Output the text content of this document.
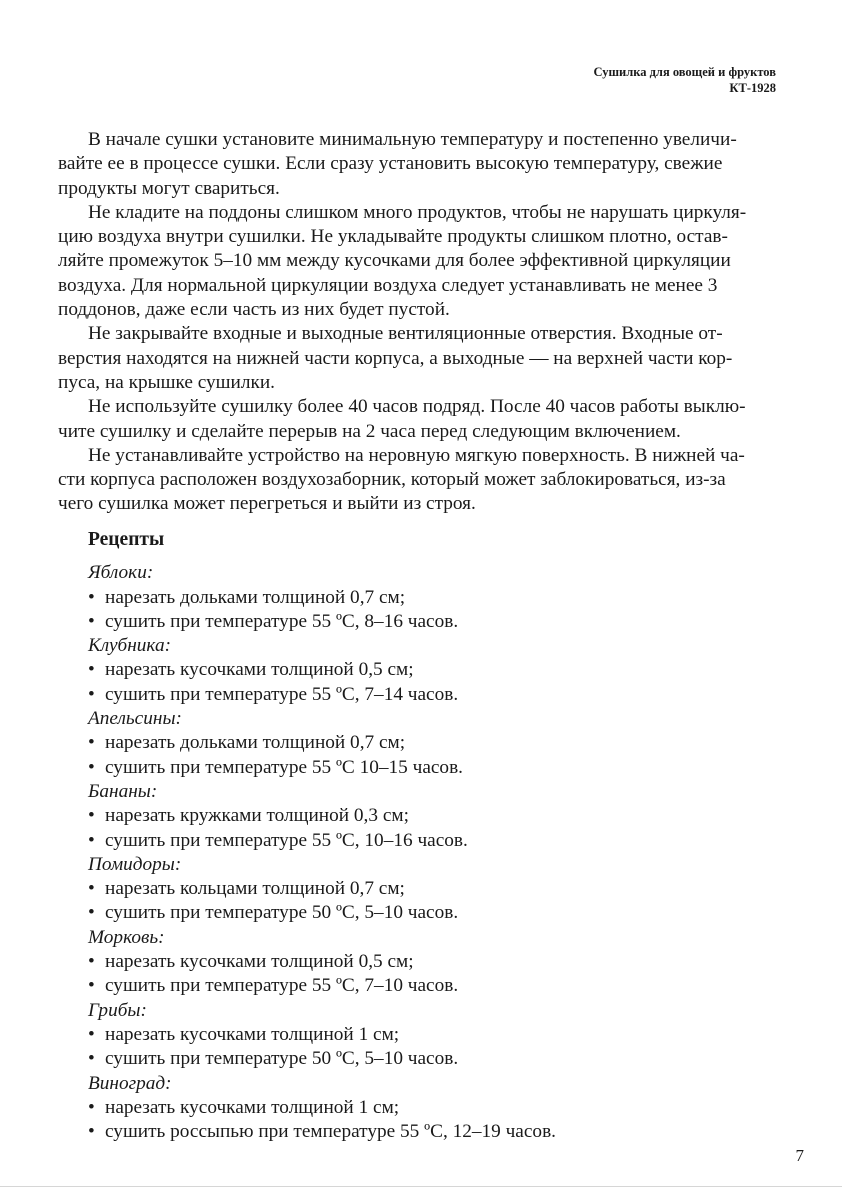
Сушилка для овощей и фруктов
КТ-1928

В начале сушки установите минимальную температуру и постепенно увеличи-
вайте ее в процессе сушки. Если сразу установить высокую температуру, свежие
продукты могут свариться.

Не кладите на поддоны слишком много продуктов, чтобы не нарушать циркуля-
цию воздуха внутри сушилки. Не укладывайте продукты слишком плотно, остав-
ляйте промежуток 5–10 мм между кусочками для более эффективной циркуляции
воздуха. Для нормальной циркуляции воздуха следует устанавливать не менее 3
поддонов, даже если часть из них будет пустой.

Не закрывайте входные и выходные вентиляционные отверстия. Входные от-
верстия находятся на нижней части корпуса, а выходные — на верхней части кор-
пуса, на крышке сушилки.

Не используйте сушилку более 40 часов подряд. После 40 часов работы выклю-
чите сушилку и сделайте перерыв на 2 часа перед следующим включением.

Не устанавливайте устройство на неровную мягкую поверхность. В нижней ча-
сти корпуса расположен воздухозаборник, который может заблокироваться, из-за
чего сушилка может перегреться и выйти из строя.

Рецепты
Яблоки:
• нарезать дольками толщиной 0,7 см;
• сушить при температуре 55 ºС, 8–16 часов.
Клубника:
• нарезать кусочками толщиной 0,5 см;
• сушить при температуре 55 ºС, 7–14 часов.
Апельсины:
• нарезать дольками толщиной 0,7 см;
• сушить при температуре 55 ºС 10–15 часов.
Бананы:
• нарезать кружками толщиной 0,3 см;
• сушить при температуре 55 ºС, 10–16 часов.
Помидоры:
• нарезать кольцами толщиной 0,7 см;
• сушить при температуре 50 ºС, 5–10 часов.
Морковь:
• нарезать кусочками толщиной 0,5 см;
• сушить при температуре 55 ºС, 7–10 часов.
Грибы:
• нарезать кусочками толщиной 1 см;
• сушить при температуре 50 ºС, 5–10 часов.
Виноград:
• нарезать кусочками толщиной 1 см;
• сушить россыпью при температуре 55 ºС, 12–19 часов.
7
